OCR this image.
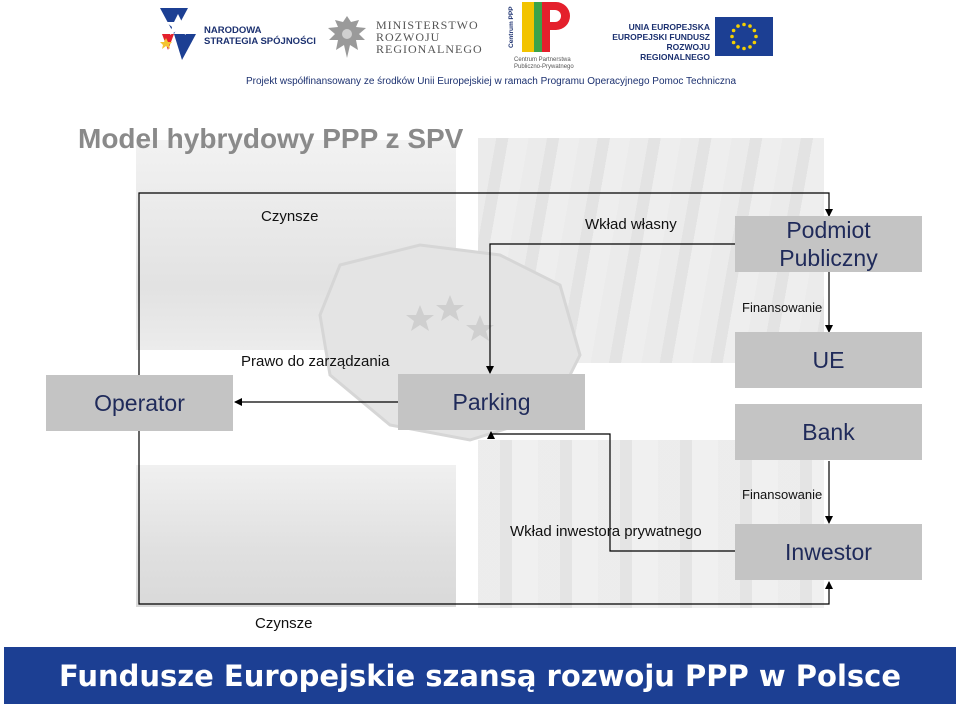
NARODOWA
STRATEGIA SPÓJNOŚCI
MINISTERSTWO
ROZWOJU
REGIONALNEGO
Centrum PPP
Centrum Partnerstwa
Publiczno-Prywatnego
UNIA EUROPEJSKA
EUROPEJSKI FUNDUSZ
ROZWOJU REGIONALNEGO
Projekt współfinansowany ze środków Unii Europejskiej w ramach Programu Operacyjnego Pomoc Techniczna
Model hybrydowy PPP z SPV
Podmiot
Publiczny
UE
Bank
Inwestor
Operator	Parking
Czynsze	Wkład własny
Finansowanie
Prawo do zarządzania
Finansowanie
Wkład inwestora prywatnego
Czynsze
Fundusze Europejskie szansą rozwoju PPP w Polsce
